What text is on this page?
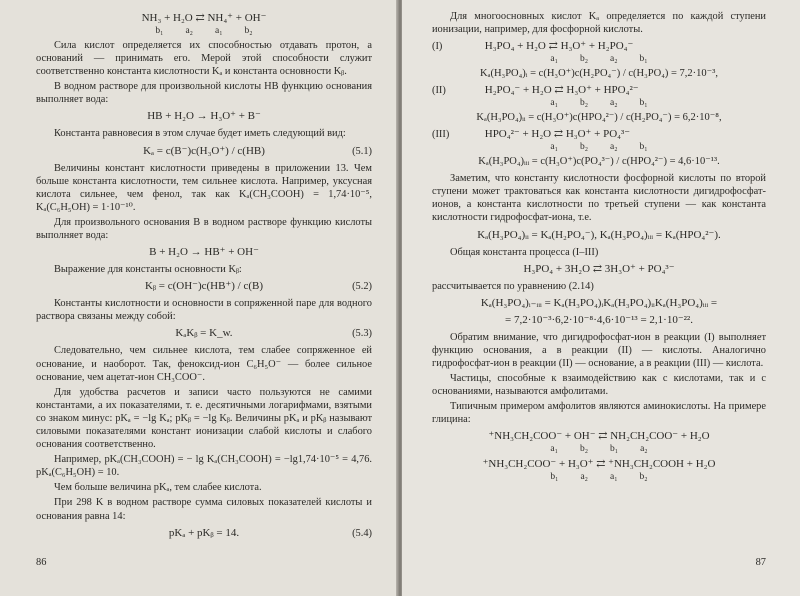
NH₃ + H₂O ⇄ NH₄⁺ + OH⁻
b₁ a₂ a₁ b₂

Сила кислот определяется их способностью отдавать протон, а оснований — принимать его. Мерой этой способности служит соответственно константа кислотности Kₐ и константа основности Kᵦ.

В водном растворе для произвольной кислоты HB функцию основания выполняет вода:

HB + H₂O → H₃O⁺ + B⁻

Константа равновесия в этом случае будет иметь следующий вид:

Kₐ = c(B⁻)c(H₃O⁺) / c(HB)	(5.1)

Величины констант кислотности приведены в приложении 13. Чем больше константа кислотности, тем сильнее кислота. Например, уксусная кислота сильнее, чем фенол, так как Kₐ(CH₃COOH) = 1,74·10⁻⁵, Kₐ(C₆H₅OH) = 1·10⁻¹⁰.

Для произвольного основания B в водном растворе функцию кислоты выполняет вода:

B + H₂O → HB⁺ + OH⁻

Выражение для константы основности Kᵦ:

Kᵦ = c(OH⁻)c(HB⁺) / c(B)	(5.2)

Константы кислотности и основности в сопряженной паре для водного раствора связаны между собой:

KₐKᵦ = K_w.	(5.3)

Следовательно, чем сильнее кислота, тем слабее сопряженное ей основание, и наоборот. Так, феноксид-ион C₆H₅O⁻ — более сильное основание, чем ацетат-ион CH₃COO⁻.

Для удобства расчетов и записи часто пользуются не самими константами, а их показателями, т. е. десятичными логарифмами, взятыми со знаком минус: pKₐ = −lg Kₐ; pKᵦ = −lg Kᵦ. Величины pKₐ и pKᵦ называют силовыми показателями констант ионизации слабой кислоты и слабого основания соответственно.

Например, pKₐ(CH₃COOH) = − lg Kₐ(CH₃COOH) = −lg1,74·10⁻⁵ = 4,76. pKₐ(C₆H₅OH) = 10.

Чем больше величина pKₐ, тем слабее кислота.

При 298 K в водном растворе сумма силовых показателей кислоты и основания равна 14:

pKₐ + pKᵦ = 14.	(5.4)
86

Для многоосновных кислот Kₐ определяется по каждой ступени ионизации, например, для фосфорной кислоты.

(I)	H₃PO₄ + H₂O ⇄ H₃O⁺ + H₂PO₄⁻
a₁ b₂ a₂ b₁
Kₐ(H₃PO₄)ᵢ = c(H₃O⁺)c(H₂PO₄⁻) / c(H₃PO₄) = 7,2·10⁻³,
(II)	H₂PO₄⁻ + H₂O ⇄ H₃O⁺ + HPO₄²⁻
a₁ b₂ a₂ b₁
Kₐ(H₃PO₄)ᵢᵢ = c(H₃O⁺)c(HPO₄²⁻) / c(H₂PO₄⁻) = 6,2·10⁻⁸,
(III)	HPO₄²⁻ + H₂O ⇄ H₃O⁺ + PO₄³⁻
a₁ b₂ a₂ b₁
Kₐ(H₃PO₄)ᵢᵢᵢ = c(H₃O⁺)c(PO₄³⁻) / c(HPO₄²⁻) = 4,6·10⁻¹³.

Заметим, что константу кислотности фосфорной кислоты по второй ступени может трактоваться как константа кислотности дигидрофосфат-ионов, а константа кислотности по третьей ступени — как константа кислотности гидрофосфат-иона, т.е.

Kₐ(H₃PO₄)ᵢᵢ = Kₐ(H₂PO₄⁻), Kₐ(H₃PO₄)ᵢᵢᵢ = Kₐ(HPO₄²⁻).

Общая константа процесса (I–III)

H₃PO₄ + 3H₂O ⇄ 3H₃O⁺ + PO₄³⁻

рассчитывается по уравнению (2.14)

Kₐ(H₃PO₄)ᵢ₋ᵢᵢᵢ = Kₐ(H₃PO₄)ᵢKₐ(H₃PO₄)ᵢᵢKₐ(H₃PO₄)ᵢᵢᵢ =
= 7,2·10⁻³·6,2·10⁻⁸·4,6·10⁻¹³ = 2,1·10⁻²².

Обратим внимание, что дигидрофосфат-ион в реакции (I) выполняет функцию основания, а в реакции (II) — кислоты. Аналогично гидрофосфат-ион в реакции (II) — основание, а в реакции (III) — кислота.

Частицы, способные к взаимодействию как с кислотами, так и с основаниями, называются амфолитами.

Типичным примером амфолитов являются аминокислоты. На примере глицина:

⁺NH₃CH₂COO⁻ + OH⁻ ⇄ NH₂CH₂COO⁻ + H₂O
a₁ b₂ b₁ a₂
⁺NH₃CH₂COO⁻ + H₃O⁺ ⇄ ⁺NH₃CH₂COOH + H₂O
b₁ a₂ a₁ b₂
87
